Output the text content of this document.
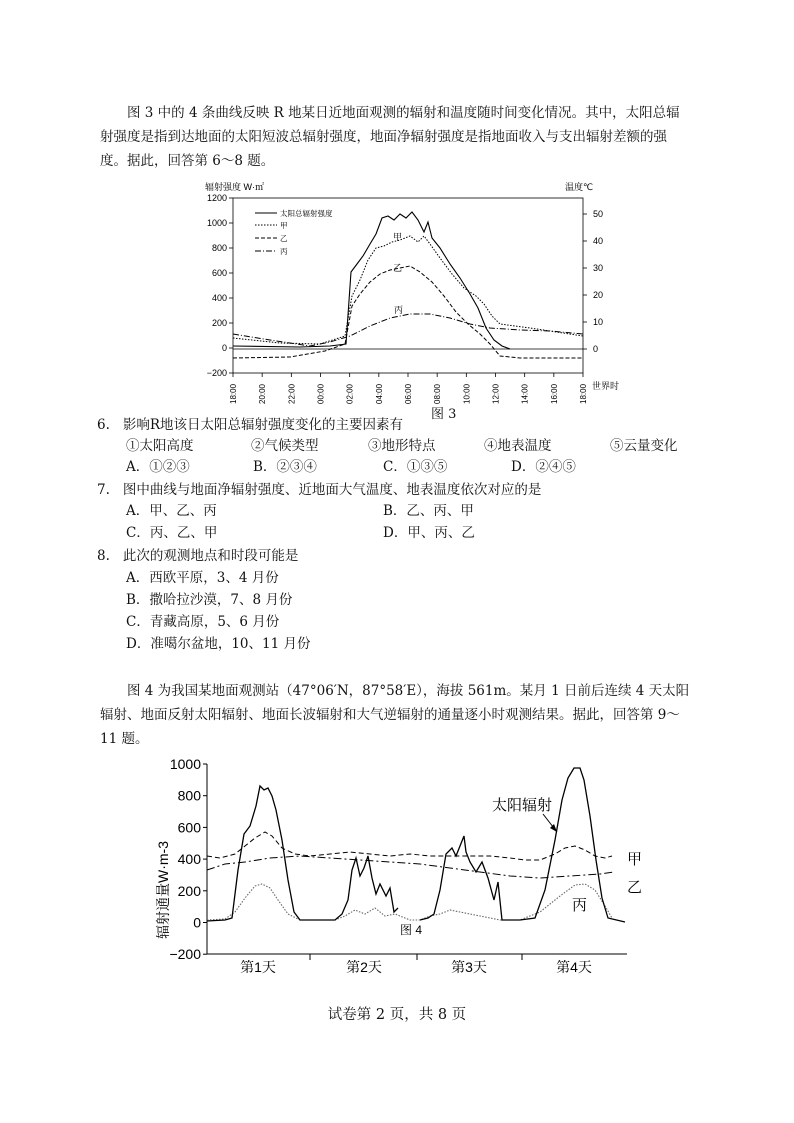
图 3 中的 4 条曲线反映 R 地某日近地面观测的辐射和温度随时间变化情况。其中，太阳总辐射强度是指到达地面的太阳短波总辐射强度，地面净辐射强度是指地面收入与支出辐射差额的强度。据此，回答第 6～8 题。
辐射强度 W·㎡	温度℃
1200
1000
800
600
400
200
0
−200
50
40
30
20
10
0
18:00	20:00	22:00	00:00	02:00	04:00	06:00	08:00	10:00	12:00	14:00	16:00	18:00 世界时
太阳总辐射强度
甲
乙
丙
甲
乙
丙
图 3
6. 影响R地该日太阳总辐射强度变化的主要因素有
①太阳高度	②气候类型	③地形特点	④地表温度	⑤云量变化
A．①②③	B．②③④	C．①③⑤	D．②④⑤
7. 图中曲线与地面净辐射强度、近地面大气温度、地表温度依次对应的是
A．甲、乙、丙	B．乙、丙、甲
C．丙、乙、甲	D．甲、丙、乙
8. 此次的观测地点和时段可能是
A．西欧平原，3、4 月份
B．撒哈拉沙漠，7、8 月份
C．青藏高原，5、6 月份
D．准噶尔盆地，10、11 月份
图 4 为我国某地面观测站（47°06′N，87°58′E），海拔 561m。某月 1 日前后连续 4 天太阳辐射、地面反射太阳辐射、地面长波辐射和大气逆辐射的通量逐小时观测结果。据此，回答第 9～11 题。
辐射通量W·m-3
1000
800
600
400
200
0
−200
第1天	第2天	第3天	第4天
太阳辐射
甲
乙
丙
图 4
试卷第 2 页，共 8 页
